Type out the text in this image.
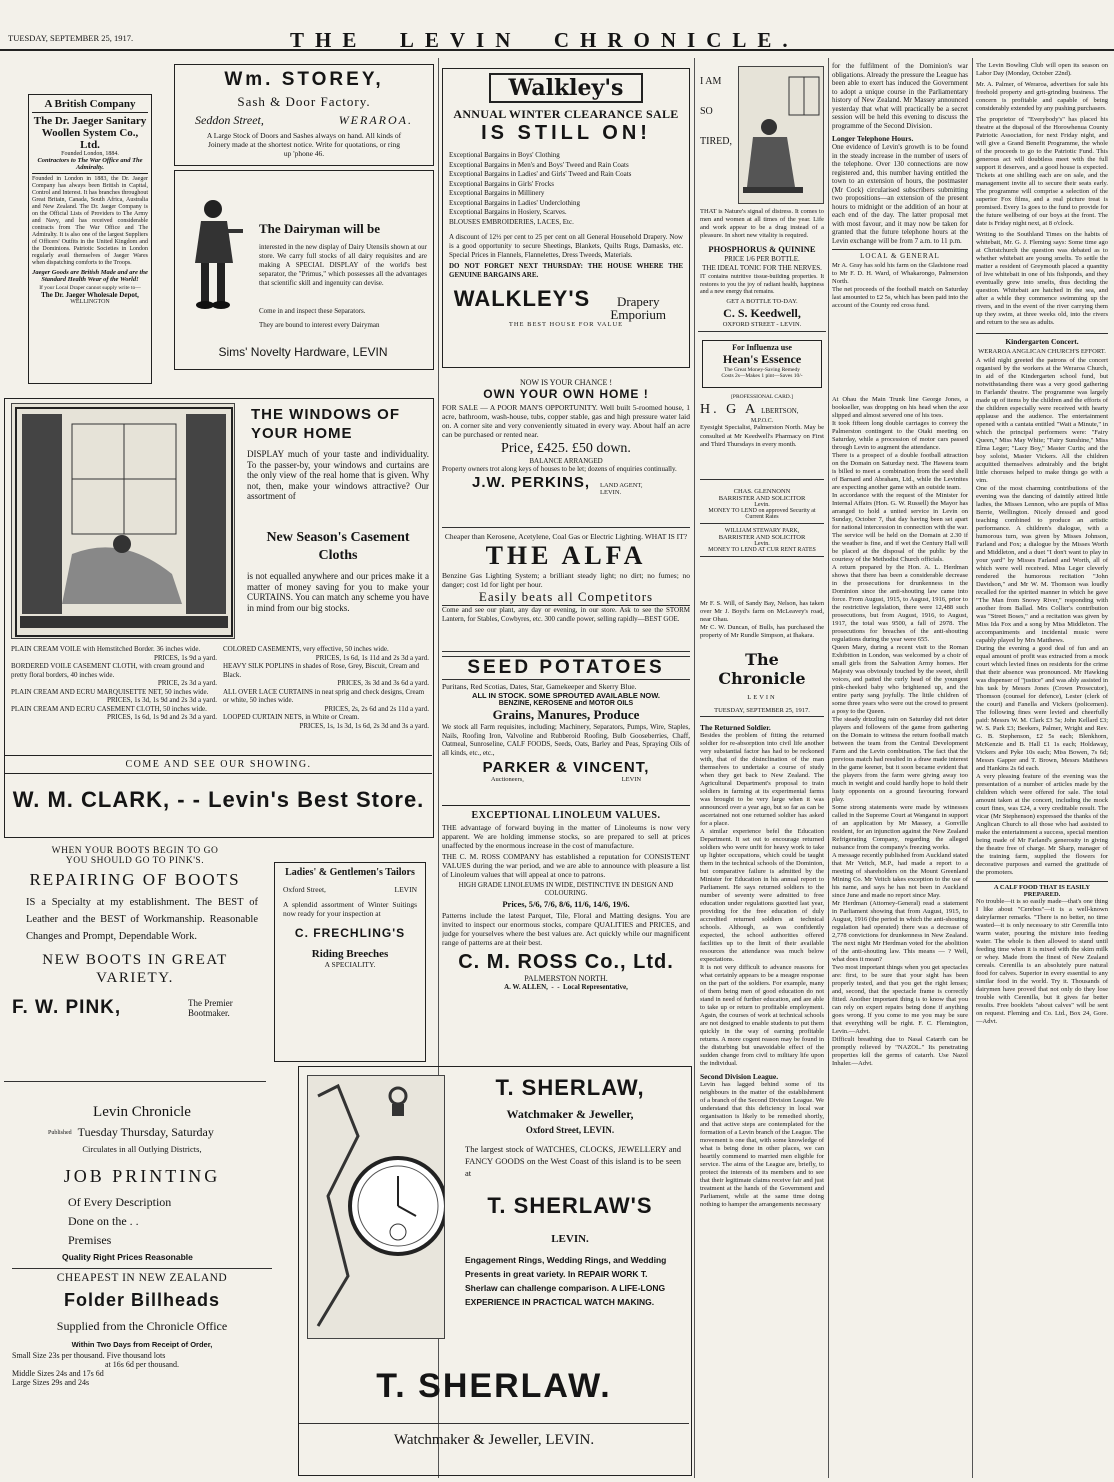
TUESDAY, SEPTEMBER 25, 1917.	THE  LEVIN  CHRONICLE.
A British Company
The Dr. Jaeger Sanitary Woollen System Co., Ltd.
Founded London, 1884.
Contractors to The War Office and The Admiralty.

Founded in London in 1883, the Dr. Jaeger Company has always been British in Capital, Control and Interest. It has branches throughout Great Britain, Canada, South Africa, Australia and New Zealand. The Dr. Jaeger Company is on the Official Lists of Providers to The Army and Navy, and has received considerable contracts from The War Office and The Admiralty. It is also one of the largest Suppliers of Officers' Outfits in the United Kingdom and the Dominions. Patriotic Societies in London regularly avail themselves of Jaeger Wares when dispatching comforts to the Troops.

Jaeger Goods are British Made and are the Standard Health Wear of the World!
If your Local Draper cannot supply write to—
The Dr. Jaeger Wholesale Depot,
WELLINGTON
Wm. STOREY,
Sash & Door Factory.
Seddon Street,	WERAROA.

A Large Stock of Doors and Sashes always on hand. All kinds of Joinery made at the shortest notice. Write for quotations, or ring up 'phone 46.

The Dairyman will be

interested in the new display of Dairy Utensils shown at our store. We carry full stocks of all dairy requisites and are making A SPECIAL DISPLAY of the world's best separator, the "Primus," which possesses all the advantages that scientific skill and ingenuity can devise.

Come in and inspect these Separators.

They are bound to interest every Dairyman

Sims' Novelty Hardware, LEVIN
Walkley's
ANNUAL WINTER CLEARANCE SALE
IS STILL ON!
Exceptional Bargains in Boys' Clothing
Exceptional Bargains in Men's and Boys' Tweed and Rain Coats
Exceptional Bargains in Ladies' and Girls' Tweed and Rain Coats
Exceptional Bargains in Girls' Frocks
Exceptional Bargains in Millinery
Exceptional Bargains in Ladies' Underclothing
Exceptional Bargains in Hosiery, Scarves.
BLOUSES EMBROIDERIES, LACES, Etc.

A discount of 12½ per cent to 25 per cent on all General Household Drapery. Now is a good opportunity to secure Sheetings, Blankets, Quilts Rugs, Damasks, etc. Special Prices in Flannels, Flannelettes, Dress Tweeds, Materials.

DO NOT FORGET NEXT THURSDAY: THE HOUSE WHERE THE GENUINE BARGAINS ARE.

WALKLEY'S	Drapery Emporium
THE BEST HOUSE FOR VALUE
I AM
SO
TIRED,

THAT is Nature's signal of distress. It comes to men and women at all times of the year. Life and work appear to be a drag instead of a pleasure. In short new vitality is required.

PHOSPHORUS & QUININE
PRICE 1/6 PER BOTTLE.
THE IDEAL TONIC FOR THE NERVES.

IT contains nutritive tissue-building properties. It restores to you the joy of radiant health, happiness and a new energy that remains.

GET A BOTTLE TO-DAY.
C. S. Keedwell,
OXFORD STREET - LEVIN.
For Influenza use
Hean's Essence
The Great Money-Saving Remedy
Costs 2s—Makes 1 pint—Saves 10/-
[PROFESSIONAL CARD.]
H. G A LBERTSON,
M.P.O.C.

Eyesight Specialist, Palmerston North. May be consulted at Mr Keedwell's Pharmacy on First and Third Thursdays in every month.

CHAS. GLENNONN
BARRISTER AND SOLICITOR
Levin.
MONEY TO LEND on approved Security at Current Rates
WILLIAM STEWARY PARK,
BARRISTER AND SOLICITOR
Levin.
MONEY TO LEND AT CUR RENT RATES

for the fulfilment of the Dominion's war obligations. Already the pressure the League has been able to exert has induced the Government to adopt a unique course in the Parliamentary history of New Zealand. Mr Massey announced yesterday that what will practically be a secret session will be held this evening to discuss the programme of the Second Division.

Longer Telephone Hours.

One evidence of Levin's growth is to be found in the steady increase in the number of users of the telephone. Over 130 connections are now registered and, this number having entitled the town to an extension of hours, the postmaster (Mr Cock) circularised subscribers submitting two propositions—an extension of the present hours to midnight or the addition of an hour at each end of the day. The latter proposal met with most favour, and it may now be taken for granted that the future telephone hours at the Levin exchange will be from 7 a.m. to 11 p.m.

LOCAL & GENERAL

Mr A. Gray has sold his farm on the Gladstone road to Mr F. D. H. Ward, of Whakarongo, Palmerston North.

The net proceeds of the football match on Saturday last amounted to £2 5s, which has been paid into the account of the County red cross fund.

Mr F. S. Will, of Sandy Bay, Nelson, has taken over Mr J. Boyd's farm on McLeavey's road, near Ohau.

Mr C. W. Duncan, of Bulls, has purchased the property of Mr Rundle Simpson, at Ihakara.

The Chronicle
LEVIN
TUESDAY, SEPTEMBER 25, 1917.
The Returned Soldier.

Besides the problem of fitting the returned soldier for re-absorption into civil life another very substantial factor has had to be reckoned with, that of the disinclination of the man themselves to undertake a course of study when they get back to New Zealand. The Agricultural Department's proposal to train soldiers in farming at its experimental farms was brought to be very large when it was announced over a year ago, but so far as can be ascertained not one returned soldier has asked for a place.

A similar experience befel the Education Department. It set out to encourage returned soldiers who were unfit for heavy work to take up lighter occupations, which could be taught them in the technical schools of the Dominion, but comparative failure is admitted by the Minister for Education in his annual report to Parliament. He says returned soldiers to the number of seventy were admitted to free education under regulations gazetted last year, providing for the free education of duly accredited returned soldiers at technical schools. Although, as was confidently expected, the school authorities offered facilities up to the limit of their available resources the attendance was much below expectations.

It is not very difficult to advance reasons for what certainly appears to be a meagre response on the part of the soldiers. For example, many of them being men of good education do not stand in need of further education, and are able to take up or return to profitable employment. Again, the courses of work at technical schools are not designed to enable students to put them quickly in the way of earning profitable returns. A more cogent reason may be found in the disturbing but unavoidable effect of the sudden change from civil to military life upon the individual.

Second Division League.

Levin has lagged behind some of its neighbours in the matter of the establishment of a branch of the Second Division League. We understand that this deficiency in local war organisation is likely to be remedied shortly, and that active steps are contemplated for the formation of a Levin branch of the League. The movement is one that, with some knowledge of what is being done in other places, we can heartily commend to married men eligible for service. The aims of the League are, briefly, to protect the interests of its members and to see that their legitimate claims receive fair and just treatment at the hands of the Government and Parliament, while at the same time doing nothing to hamper the arrangements necessary

At Ohau the Main Trunk line George Jones, a bookseller, was dropping on his head when the axe slipped and almost severed one of his toes.

It took fifteen long double carriages to convey the Palmerston contingent to the Otaki meeting on Saturday, while a procession of motor cars passed through Levin to augment the attendance.

There is a prospect of a double football attraction on the Domain on Saturday next. The Hawera team is billed to meet a combination from the seed shell of Barnard and Abraham, Ltd., while the Levinites are expecting another game with an outside team.

In accordance with the request of the Minister for Internal Affairs (Hon. G. W. Russell) the Mayor has arranged to hold a united service in Levin on Sunday, October 7, that day having been set apart for national intercession in connection with the war. The service will be held on the Domain at 2.30 if the weather is fine, and if wet the Century Hall will be placed at the disposal of the public by the courtesy of the Methodist Church officials.

A return prepared by the Hon. A. L. Herdman shows that there has been a considerable decrease in the prosecutions for drunkenness in the Dominion since the anti-shouting law came into force. From August, 1915, to August, 1916, prior to the restrictive legislation, there were 12,488 such prosecutions, but from August, 1916, to August, 1917, the total was 9500, a fall of 2978. The prosecutions for breaches of the anti-shouting regulations during the year were 655.

Queen Mary, during a recent visit to the Roman Exhibition in London, was welcomed by a choir of small girls from the Salvation Army homes. Her Majesty was obviously touched by the sweet, shrill voices, and patted the curly head of the youngest pink-cheeked baby who brightened up, and the entire party sang joyfully. The little children of some three years who were out the crowd to present a posy to the Queen.

The steady drizzling rain on Saturday did not deter players and followers of the game from gathering on the Domain to witness the return football match between the team from the Central Development Farm and the Levin combination. The fact that the previous match had resulted in a draw made interest in the game keener, but it soon became evident that the players from the farm were giving away too much in weight and could hardly hope to hold their lusty opponents on a ground favouring forward play.

Some strong statements were made by witnesses called in the Supreme Court at Wanganui in support of an application by Mr Massey, a Gonville resident, for an injunction against the New Zealand Refrigerating Company, regarding the alleged nuisance from the company's freezing works.

A message recently published from Auckland stated that Mr Veitch, M.P., had made a report to a meeting of shareholders on the Mount Greenland Mining Co. Mr Veitch takes exception to the use of his name, and says he has not been in Auckland since June and made no report since May.

Mr Herdman (Attorney-General) read a statement in Parliament showing that from August, 1915, to August, 1916 (the period in which the anti-shouting regulation had operated) there was a decrease of 2,778 convictions for drunkenness in New Zealand. The next night Mr Herdman voted for the abolition of the anti-shouting law. This means — ? Well, what does it mean?

Two most important things when you get spectacles are: first, to be sure that your sight has been properly tested, and that you get the right lenses; and, second, that the spectacle frame is correctly fitted. Another important thing is to know that you can rely on expert repairs being done if anything goes wrong. If you come to me you may be sure that everything will be right. F. C. Flemington, Levin.—Advt.

Difficult breathing due to Nasal Catarrh can be promptly relieved by "NAZOL." Its penetrating properties kill the germs of catarrh. Use Nazol Inhaler.—Advt.

The Levin Bowling Club will open its season on Labor Day (Monday, October 22nd).

Mr. A. Palmer, of Weraroa, advertises for sale his freehold property and grit-grinding business. The concern is profitable and capable of being considerably extended by any pushing purchasers.

The proprietor of "Everybody's" has placed his theatre at the disposal of the Horowhenua County Patriotic Association, for next Friday night, and will give a Grand Benefit Programme, the whole of the proceeds to go to the Patriotic Fund. This generous act will doubtless meet with the full support it deserves, and a good house is expected. Tickets at one shilling each are on sale, and the management invite all to secure their seats early. The programme will comprise a selection of the superior Fox films, and a real picture treat is promised. Every 1s goes to the fund to provide for the future wellbeing of our boys at the front. The date is Friday night next, at 8 o'clock.

Writing to the Southland Times on the habits of whitebait, Mr. G. J. Fleming says: Some time ago at Christchurch the question was debated as to whether whitebait are young smelts. To settle the matter a resident of Greymouth placed a quantity of live whitebait in one of his fishponds, and they eventually grew into smelts, thus deciding the question. Whitebait are hatched in the sea, and after a while they commence swimming up the rivers, and in the event of the river carrying them up they swim, at three weeks old, into the rivers and return to the sea as adults.

Kindergarten Concert.
WERAROA ANGLICAN CHURCH'S EFFORT.

A wild night greeted the patrons of the concert organised by the workers at the Weraroa Church, in aid of the Kindergarten school fund, but notwithstanding there was a very good gathering in Farlands' theatre. The programme was largely made up of items by the children and the efforts of the children especially were received with hearty applause and the audience. The entertainment opened with a cantata entitled "Wait a Minute," in which the principal performers were: "Fairy Queen," Miss May White; "Fairy Sunshine," Miss Elma Leger; "Lazy Boy," Master Curtis; and the boy soloist, Master Vickers. All the children acquitted themselves admirably and the bright little choruses helped to make things go with a vim.

One of the most charming contributions of the evening was the dancing of daintily attired little ladies, the Misses Lennon, who are pupils of Miss Berrie, Wellington. Nicely dressed and good teaching combined to produce an artistic performance. A children's dialogue, with a humorous turn, was given by Misses Johnson, Farland and Fox; a dialogue by the Misses Worth and Middleton, and a duet "I don't want to play in your yard" by Misses Farland and Worth, all of which were well received. Miss Leger cleverly rendered the humorous recitation "John Davidson," and Mr W. M. Thomson was loudly recalled for the spirited manner in which he gave "The Man from Snowy River," responding with another from Ballad. Mrs Collier's contribution was "Street Boses," and a recitation was given by Miss Ida Fox and a song by Miss Middleton. The accompaniments and incidental music were capably played by Mrs Matthews.

During the evening a good deal of fun and an equal amount of profit was extracted from a mock court which levied fines on residents for the crime that their absence was pronounced. Mr Hawking was dispenser of "justice" and was ably assisted in his task by Messrs Jones (Crown Prosecutor), Thomson (counsel for defence), Lester (clerk of the court) and Fanella and Vickers (policemen). The following fines were levied and cheerfully paid: Messrs W. M. Clark £3 5s; John Kellard £3; W. S. Park £3; Beekers, Palmer, Wright and Rev. G. B. Stephenson, £2 5s each; Blenkhorn, McKenzie and B. Hall £1 1s each; Holdaway, Vickers and Pyke 10s each; Miss Bowen, 7s 6d; Messrs Gapper and T. Brown, Messrs Matthews and Hankins 2s 6d each.

A very pleasing feature of the evening was the presentation of a number of articles made by the children which were offered for sale. The total amount taken at the concert, including the mock court fines, was £24, a very creditable result. The vicar (Mr Stephenson) expressed the thanks of the Anglican Church to all those who had assisted to make the entertainment a success, special mention being made of Mr Farland's generosity in giving the theatre free of charge. Mr Sharp, manager of the training farm, supplied the flowers for decorative purposes and earned the gratitude of the promoters.

A CALF FOOD THAT IS EASILY PREPARED.

No trouble—it is so easily made—that's one thing I like about "Cerebos"—it is a well-known dairyfarmer remarks. "There is no better, no time wasted—it is only necessary to stir Cerenilla into warm water, pouring the mixture into feeding water. The whole is then allowed to stand until feeding time when it is mixed with the skim milk or whey. Made from the finest of New Zealand cereals. Cerenilla is an absolutely pure natural food for calves. Superior in every essential to any similar food in the world. Try it. Thousands of dairymen have proved that not only do they lose trouble with Cerenilla, but it gives far better results. Free booklets "about calves" will be sent on request. Fleming and Co. Ltd., Box 24, Gore.—Advt.

THE WINDOWS OF YOUR HOME

DISPLAY much of your taste and individuality. To the passer-by, your windows and curtains are the only view of the real home that is given. Why not, then, make your windows attractive? Our assortment of

New Season's Casement Cloths

is not equalled anywhere and our prices make it a matter of money saving for you to make your CURTAINS. You can match any scheme you have in mind from our big stocks.

PLAIN CREAM VOILE with Hemstitched Border. 36 inches wide.
PRICES, 1s 9d a yard.
BORDERED VOILE CASEMENT CLOTH, with cream ground and pretty floral borders, 40 inches wide.
PRICE, 2s 3d a yard.
PLAIN CREAM AND ECRU MARQUISETTE NET, 50 inches wide.
PRICES, 1s 3d, 1s 9d and 2s 3d a yard.
PLAIN CREAM AND ECRU CASEMENT CLOTH, 50 inches wide.
PRICES, 1s 6d, 1s 9d and 2s 3d a yard.
COLORED CASEMENTS, very effective, 50 inches wide.
PRICES, 1s 6d, 1s 11d and 2s 3d a yard.
HEAVY SILK POPLINS in shades of Rose, Grey, Biscuit, Cream and Black.
PRICES, 3s 3d and 3s 6d a yard.
ALL OVER LACE CURTAINS in neat sprig and check designs, Cream or white, 50 inches wide.
PRICES, 2s, 2s 6d and 2s 11d a yard.
LOOPED CURTAIN NETS, in White or Cream.
PRICES, 1s, 1s 3d, 1s 6d, 2s 3d and 3s a yard.
COME AND SEE OUR SHOWING.
W. M. CLARK, - - Levin's Best Store.
NOW IS YOUR CHANCE !
OWN YOUR OWN HOME !

FOR SALE — A POOR MAN'S OPPORTUNITY. Well built 5-roomed house, 1 acre, bathroom, wash-house, tubs, copper stable, gas and high pressure water laid on. A corner site and very conveniently situated in every way. About half an acre can be purchased or rented near.

Price, £425. £50 down.
BALANCE ARRANGED

Property owners trot along keys of houses to be let; dozens of enquiries continually.

J.W. PERKINS, LAND AGENT, LEVIN.

Cheaper than Kerosene, Acetylene, Coal Gas or Electric Lighting. WHAT IS IT?

THE ALFA

Benzine Gas Lighting System; a brilliant steady light; no dirt; no fumes; no danger; cost 1d for light per hour.

Easily beats all Competitors

Come and see our plant, any day or evening, in our store. Ask to see the STORM Lantern, for Stables, Cowbyres, etc. 300 candle power, selling rapidly—BEST GOE.

SEED POTATOES

Puritans, Red Scotias, Dates, Star, Gamekeeper and Skerry Blue.

ALL IN STOCK. SOME SPROUTED AVAILABLE NOW.
BENZINE, KEROSENE and MOTOR OILS
Grains, Manures, Produce

We stock all Farm requisites, including; Machinery, Separators, Pumps, Wire, Staples, Nails, Roofing Iron, Valvoline and Rubberoid Roofing, Bulb Gooseberries, Chaff, Oatmeal, Sunroseline, CALF FOODS, Seeds, Oats, Barley and Peas, Spraying Oils of all kinds, etc., etc.,

PARKER & VINCENT,
Auctioneers,	LEVIN
EXCEPTIONAL LINOLEUM VALUES.

THE advantage of forward buying in the matter of Linoleums is now very apparent. We are holding immense stocks, so are prepared to sell at prices unaffected by the enormous increase in the cost of manufacture.

THE C. M. ROSS COMPANY has established a reputation for CONSISTENT VALUES during the war period, and we are able to announce with pleasure a list of Linoleum values that will appeal at once to patrons.

HIGH GRADE LINOLEUMS IN WIDE, DISTINCTIVE IN DESIGN AND COLOURING.
Prices, 5/6, 7/6, 8/6, 11/6, 14/6, 19/6.

Patterns include the latest Parquet, Tile, Floral and Matting designs. You are invited to inspect our enormous stocks, compare QUALITIES and PRICES, and judge for yourselves where the best values are. Act quickly while our magnificent range of patterns are at their best.

C. M. ROSS Co., Ltd.
PALMERSTON NORTH.
A. W. ALLEN,  -  -  Local Representative,
WHEN YOUR BOOTS BEGIN TO GO
YOU SHOULD GO TO PINK'S.
REPAIRING OF BOOTS

IS a Specialty at my establishment. The BEST of Leather and the BEST of Workmanship. Reasonable Changes and Prompt, Dependable Work.

NEW BOOTS IN GREAT VARIETY.
F. W. PINK,	The Premier Bootmaker.
Ladies' & Gentlemen's Tailors
Oxford Street,	LEVIN

A splendid assortment of Winter Suitings now ready for your inspection at

C. FRECHLING'S
Riding Breeches
A SPECIALITY.
Levin Chronicle
Published Tuesday Thursday, Saturday
Circulates in all Outlying Districts,
JOB PRINTING
Of Every Description
Done on the . .
Premises
Quality Right Prices Reasonable
CHEAPEST IN NEW ZEALAND
Folder Billheads
Supplied from the Chronicle Office
Within Two Days from Receipt of Order,
Small Size 23s per thousand. Five thousand lots
at 16s 6d per thousand.
Middle Sizes 24s and 17s 6d
Large Sizes 29s and 24s
T. SHERLAW,
Watchmaker & Jeweller,
Oxford Street, LEVIN.

The largest stock of WATCHES, CLOCKS, JEWELLERY and FANCY GOODS on the West Coast of this island is to be seen at

T. SHERLAW'S
LEVIN.

Engagement Rings, Wedding Rings, and Wedding Presents in great variety. In REPAIR WORK T. Sherlaw can challenge comparison. A LIFE-LONG EXPERIENCE IN PRACTICAL WATCH MAKING.

T. SHERLAW.
Watchmaker & Jeweller, LEVIN.
